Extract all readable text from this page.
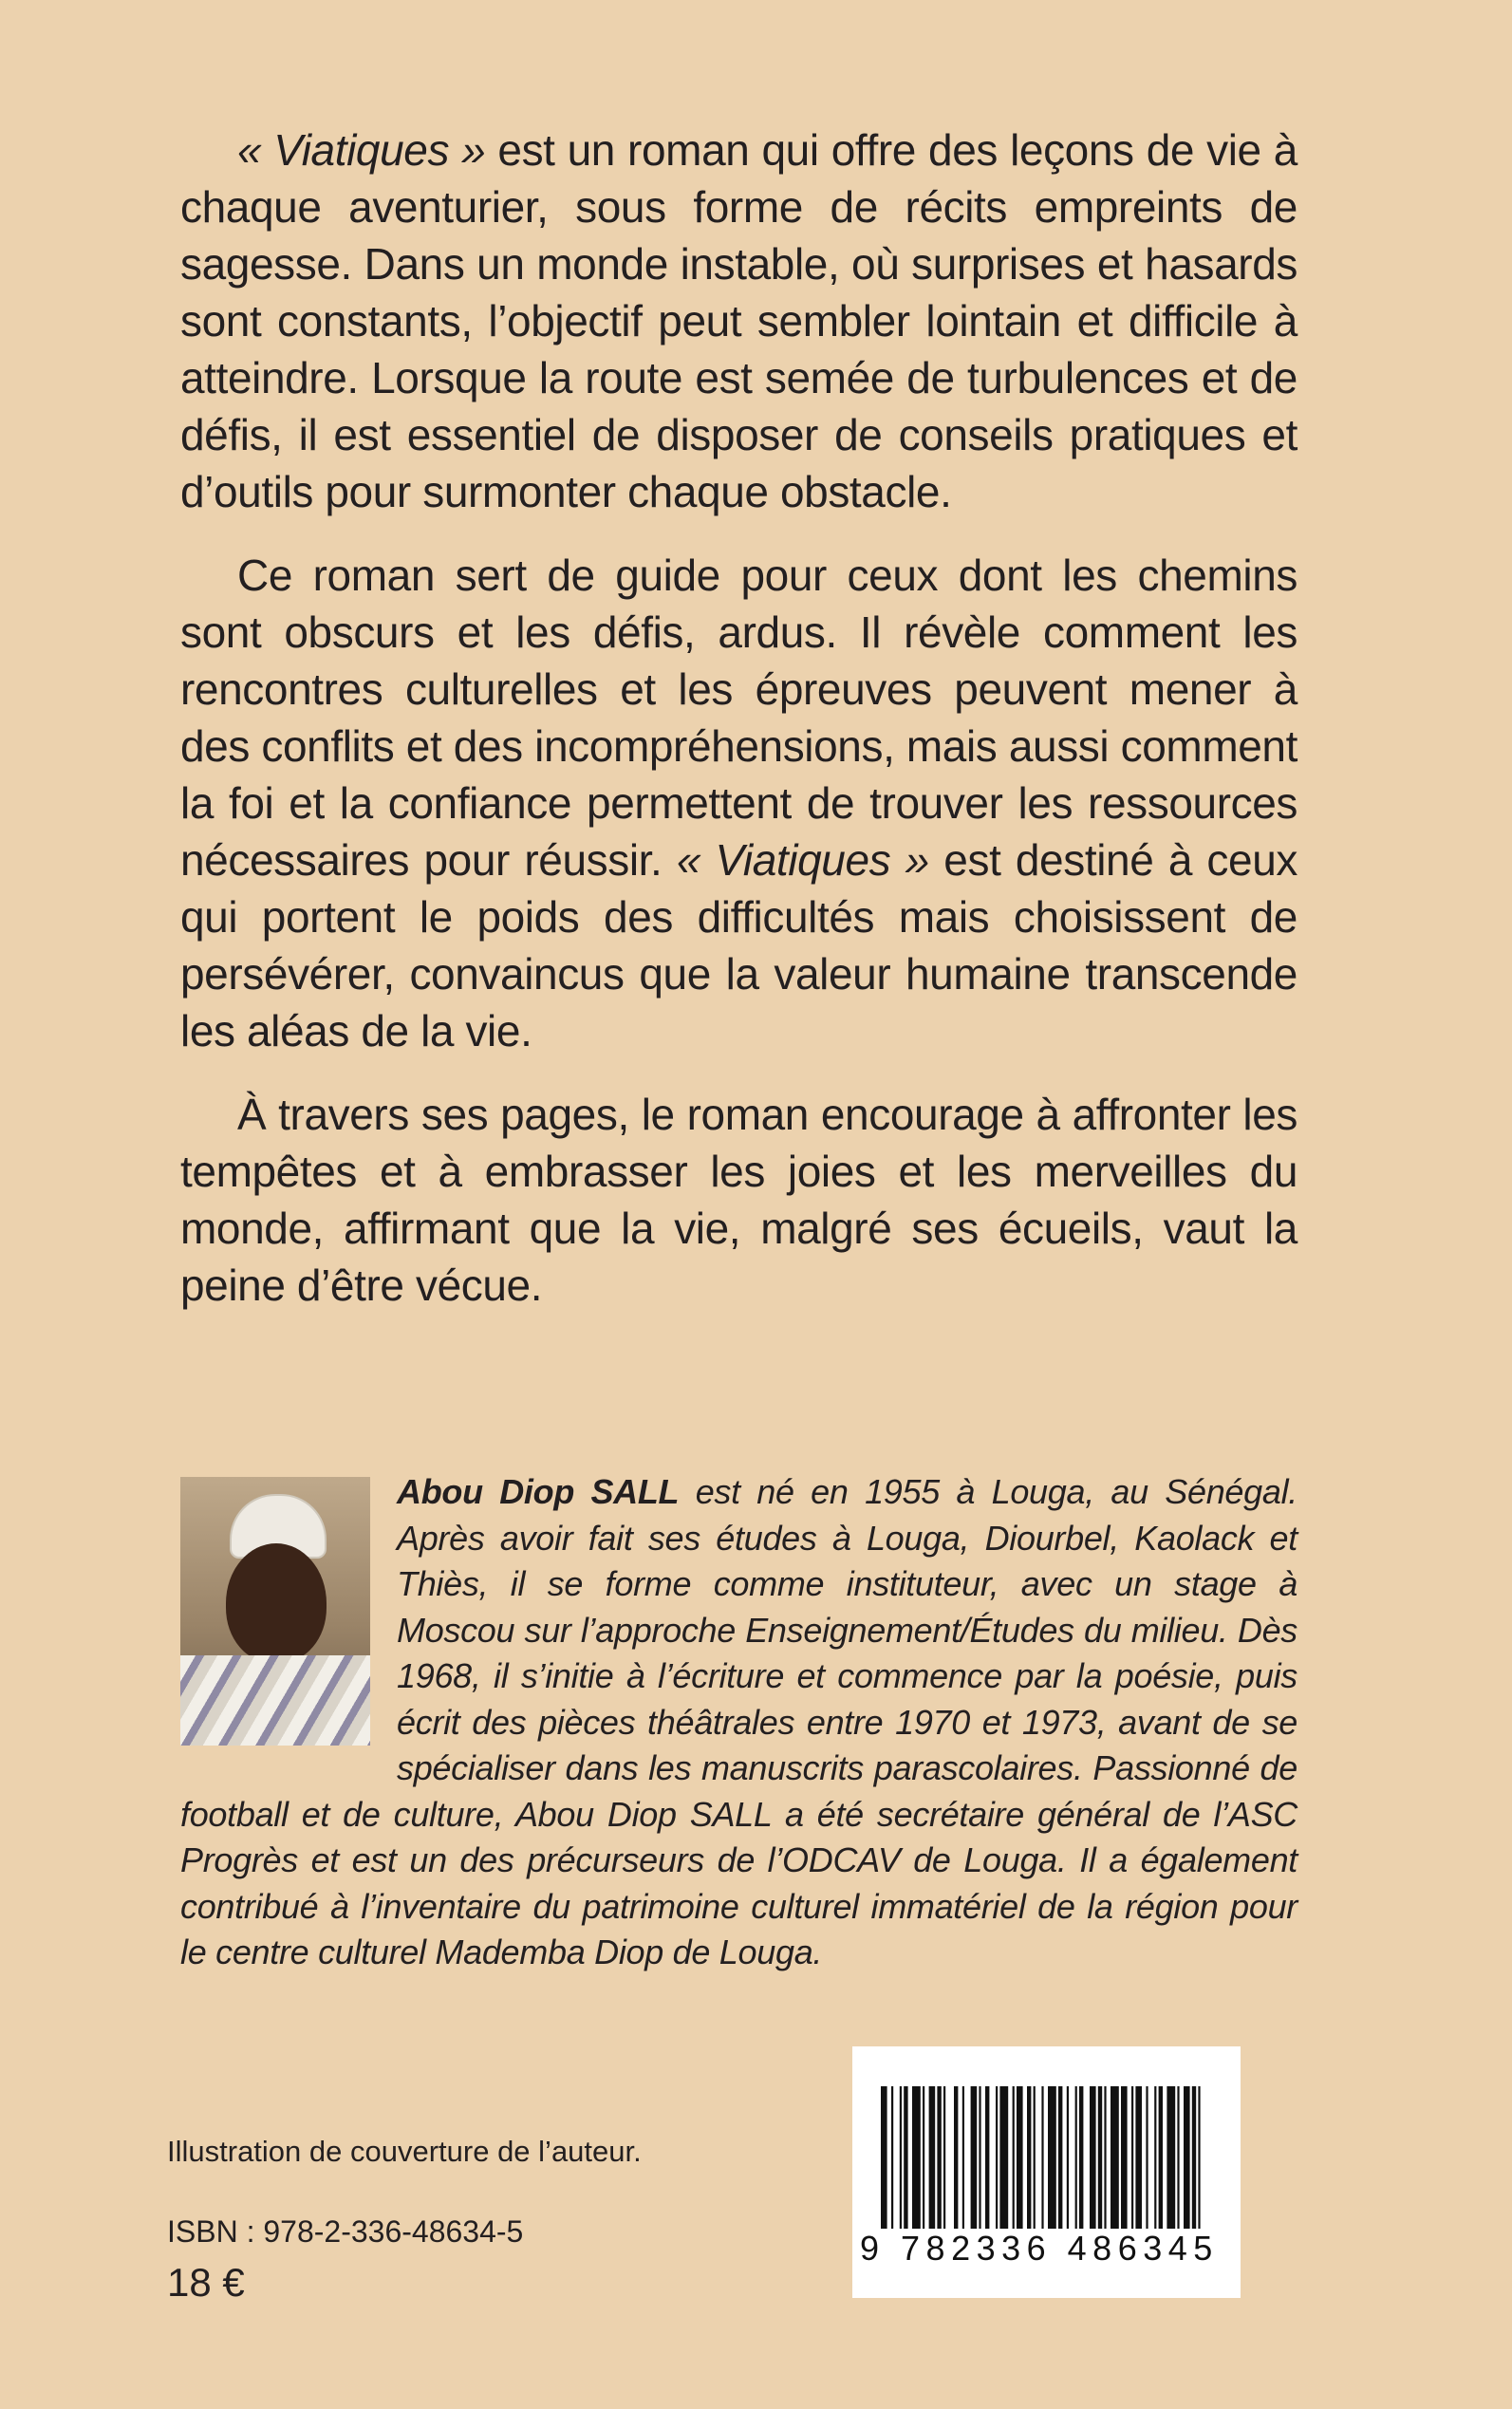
« Viatiques » est un roman qui offre des leçons de vie à chaque aventurier, sous forme de récits empreints de sagesse. Dans un monde instable, où surprises et hasards sont constants, l’objectif peut sembler lointain et difficile à atteindre. Lorsque la route est semée de turbulences et de défis, il est essentiel de disposer de conseils pratiques et d’outils pour surmonter chaque obstacle.

Ce roman sert de guide pour ceux dont les chemins sont obscurs et les défis, ardus. Il révèle comment les rencontres culturelles et les épreuves peuvent mener à des conflits et des incompréhensions, mais aussi comment la foi et la confiance permettent de trouver les ressources nécessaires pour réussir. « Viatiques » est destiné à ceux qui portent le poids des difficultés mais choisissent de persévérer, convaincus que la valeur humaine transcende les aléas de la vie.

À travers ses pages, le roman encourage à affronter les tempêtes et à embrasser les joies et les merveilles du monde, affirmant que la vie, malgré ses écueils, vaut la peine d’être vécue.

Abou Diop SALL est né en 1955 à Louga, au Sénégal. Après avoir fait ses études à Louga, Diourbel, Kaolack et Thiès, il se forme comme instituteur, avec un stage à Moscou sur l’approche Enseignement/Études du milieu. Dès 1968, il s’initie à l’écriture et commence par la poésie, puis écrit des pièces théâtrales entre 1970 et 1973, avant de se spécialiser dans les manuscrits parascolaires. Passionné de football et de culture, Abou Diop SALL a été secrétaire général de l’ASC Progrès et est un des précurseurs de l’ODCAV de Louga. Il a également contribué à l’inventaire du patrimoine culturel immatériel de la région pour le centre culturel Mademba Diop de Louga.
Illustration de couverture de l’auteur.
ISBN : 978-2-336-48634-5
18 €
9 782336 486345
